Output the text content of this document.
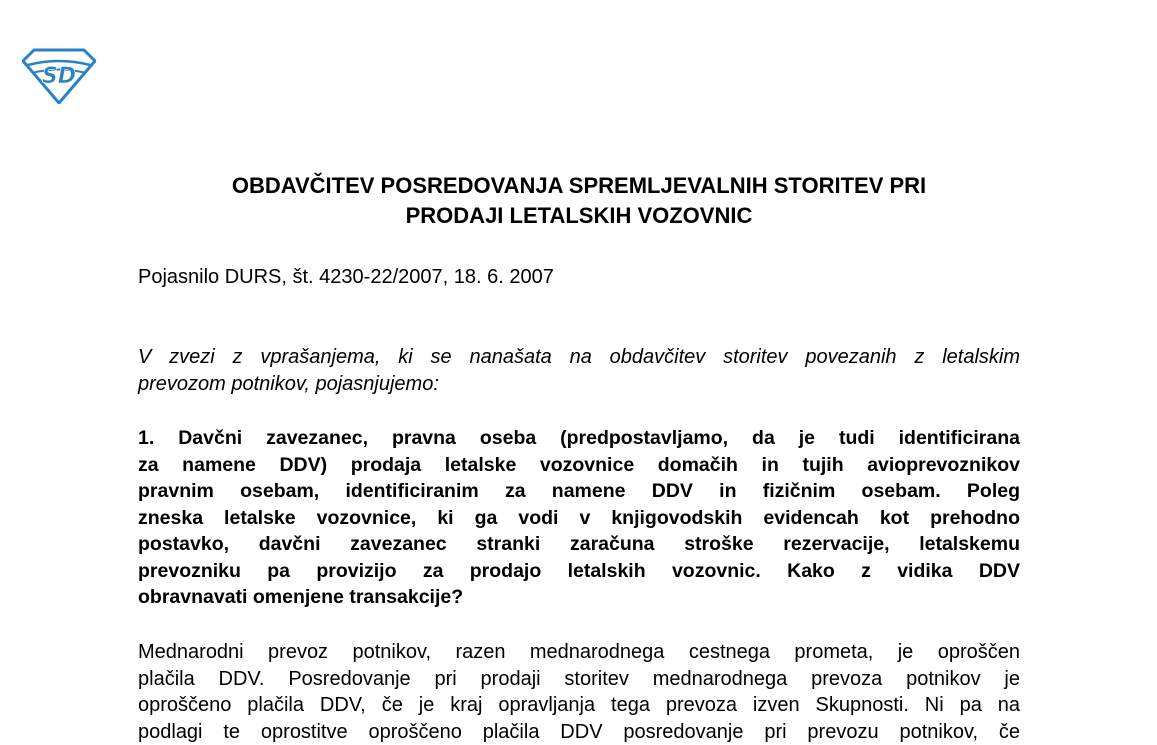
SD
OBDAVČITEV POSREDOVANJA SPREMLJEVALNIH STORITEV PRI
PRODAJI LETALSKIH VOZOVNIC

Pojasnilo DURS, št. 4230-22/2007, 18. 6. 2007

V zvezi z vprašanjema, ki se nanašata na obdavčitev storitev povezanih z letalskim
prevozom potnikov, pojasnjujemo:

1. Davčni zavezanec, pravna oseba (predpostavljamo, da je tudi identificirana
za namene DDV) prodaja letalske vozovnice domačih in tujih avioprevoznikov
pravnim osebam, identificiranim za namene DDV in fizičnim osebam. Poleg
zneska letalske vozovnice, ki ga vodi v knjigovodskih evidencah kot prehodno
postavko, davčni zavezanec stranki zaračuna stroške rezervacije, letalskemu
prevozniku pa provizijo za prodajo letalskih vozovnic. Kako z vidika DDV
obravnavati omenjene transakcije?

Mednarodni prevoz potnikov, razen mednarodnega cestnega prometa, je oproščen
plačila DDV. Posredovanje pri prodaji storitev mednarodnega prevoza potnikov je
oproščeno plačila DDV, če je kraj opravljanja tega prevoza izven Skupnosti. Ni pa na
podlagi te oprostitve oproščeno plačila DDV posredovanje pri prevozu potnikov, če
